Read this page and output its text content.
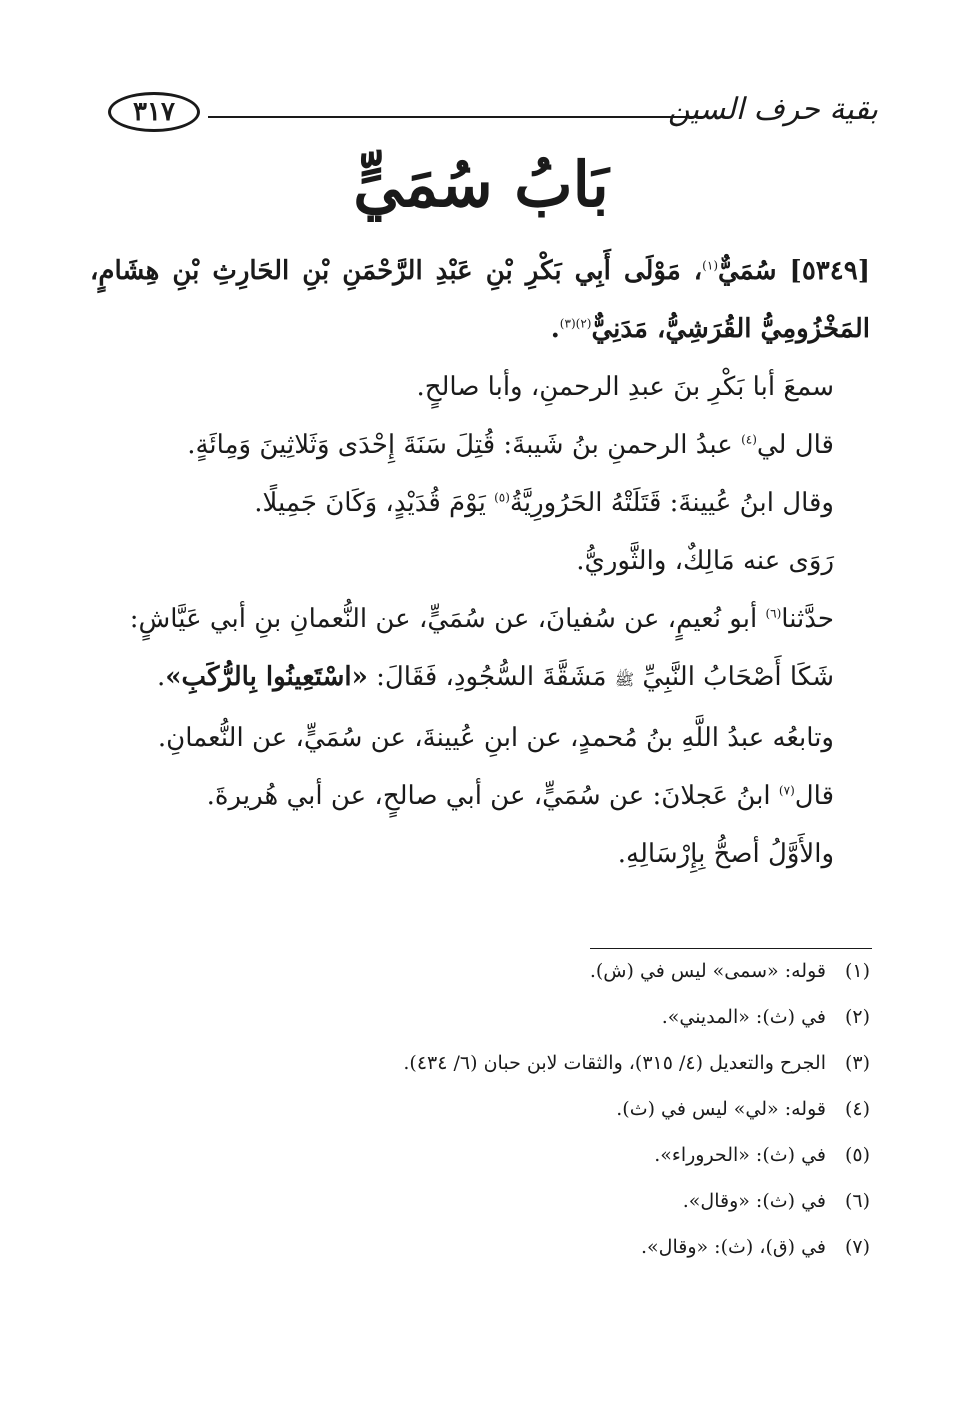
بقية حرف السين
٣١٧
بَابُ سُمَيٍّ

[٥٣٤٩] سُمَيٌّ$^{(١)}$، مَوْلَى أَبِي بَكْرِ بْنِ عَبْدِ الرَّحْمَنِ بْنِ الحَارِثِ بْنِ هِشَامٍ، المَخْزُومِيُّ القُرَشِيُّ، مَدَنِيٌّ$^{(٢)(٣)}$.

سمعَ أبا بَكْرِ بنَ عبدِ الرحمنِ، وأبا صالحٍ.

قال لي$^{(٤)}$ عبدُ الرحمنِ بنُ شَيبةَ: قُتِلَ سَنَةَ إِحْدَى وَثَلاثِينَ وَمِائَةٍ.

وقال ابنُ عُيينةَ: قَتَلَتْهُ الحَرُورِيَّةُ$^{(٥)}$ يَوْمَ قُدَيْدٍ، وَكَانَ جَمِيلًا.

رَوَى عنه مَالِكٌ، والثَّوريُّ.

حدَّثنا$^{(٦)}$ أبو نُعيمٍ، عن سُفيانَ، عن سُمَيٍّ، عن النُّعمانِ بنِ أبي عَيَّاشٍ: شَكَا أَصْحَابُ النَّبِيِّ ﷺ مَشَقَّةَ السُّجُودِ، فَقَالَ: «اسْتَعِينُوا بِالرُّكَبِ».

وتابعُه عبدُ اللَّهِ بنُ مُحمدٍ، عن ابنِ عُيينةَ، عن سُمَيٍّ، عن النُّعمانِ.

قال$^{(٧)}$ ابنُ عَجلانَ: عن سُمَيٍّ، عن أبي صالحٍ، عن أبي هُريرةَ.

والأَوَّلُ أصحُّ بِإِرْسَالِهِ.

(١)قوله: «سمى» ليس في (ش).
(٢)في (ث): «المديني».
(٣)الجرح والتعديل (٤/ ٣١٥)، والثقات لابن حبان (٦/ ٤٣٤).
(٤)قوله: «لي» ليس في (ث).
(٥)في (ث): «الحروراء».
(٦)في (ث): «وقال».
(٧)في (ق)، (ث): «وقال».
